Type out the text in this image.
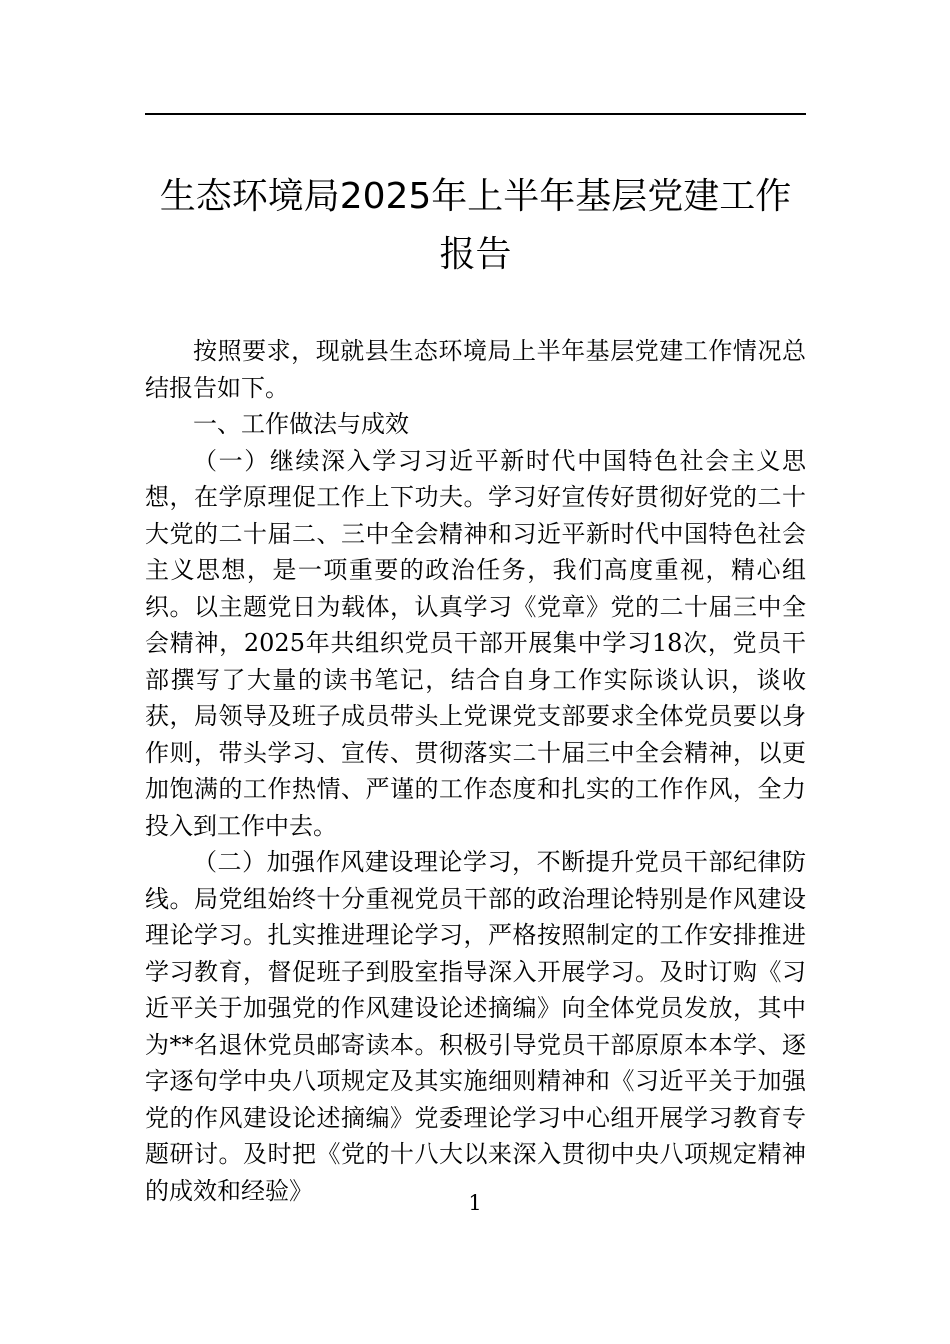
生态环境局2025年上半年基层党建工作报告

按照要求，现就县生态环境局上半年基层党建工作情况总结报告如下。

一、工作做法与成效

（一）继续深入学习习近平新时代中国特色社会主义思想，在学原理促工作上下功夫。学习好宣传好贯彻好党的二十大党的二十届二、三中全会精神和习近平新时代中国特色社会主义思想，是一项重要的政治任务，我们高度重视，精心组织。以主题党日为载体，认真学习《党章》党的二十届三中全会精神，2025年共组织党员干部开展集中学习18次，党员干部撰写了大量的读书笔记，结合自身工作实际谈认识，谈收获，局领导及班子成员带头上党课党支部要求全体党员要以身作则，带头学习、宣传、贯彻落实二十届三中全会精神，以更加饱满的工作热情、严谨的工作态度和扎实的工作作风，全力投入到工作中去。

（二）加强作风建设理论学习，不断提升党员干部纪律防线。局党组始终十分重视党员干部的政治理论特别是作风建设理论学习。扎实推进理论学习，严格按照制定的工作安排推进学习教育，督促班子到股室指导深入开展学习。及时订购《习近平关于加强党的作风建设论述摘编》向全体党员发放，其中为**名退休党员邮寄读本。积极引导党员干部原原本本学、逐字逐句学中央八项规定及其实施细则精神和《习近平关于加强党的作风建设论述摘编》党委理论学习中心组开展学习教育专题研讨。及时把《党的十八大以来深入贯彻中央八项规定精神的成效和经验》	1
